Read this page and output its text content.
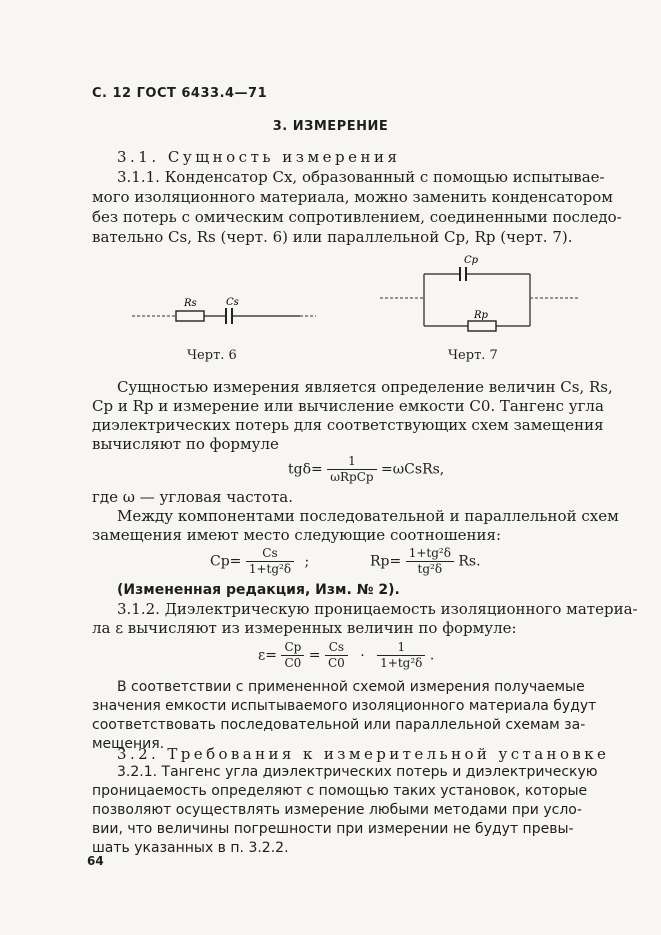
С. 12 ГОСТ 6433.4—71
3. ИЗМЕРЕНИЕ
3.1. Сущность измерения
3.1.1. Конденсатор Cx, образованный с помощью испытывае-
мого изоляционного материала, можно заменить конденсатором
без потерь с омическим сопротивлением, соединенными последо-
вательно Cs, Rs (черт. 6) или параллельной Cp, Rp (черт. 7).
Rs	Cs
Черт. 6
Cp
Rp
Черт. 7
Сущностью измерения является определение величин Cs, Rs,
Cp и Rp и измерение или вычисление емкости C0. Тангенс угла
диэлектрических потерь для соответствующих схем замещения
вычисляют по формуле
$tg\delta= \frac{1}{\text{ωRpCp}}$ =ωCsRs,
где ω — угловая частота.
Между компонентами последовательной и параллельной схем
замещения имеют место следующие соотношения:
$Cp= \frac{Cs}{\text{1+tg²δ}}$ ;	$Rp= \frac{\text{1+tg²δ}}{\text{tg²δ}} Rs$.
(Измененная редакция, Изм. № 2).
3.1.2. Диэлектрическую проницаемость изоляционного материа-
ла ε вычисляют из измеренных величин по формуле:
$\varepsilon= \frac{Cp}{C0} = \frac{Cs}{C0} \cdot \frac{1}{\text{1+tg²δ}}$ .
В соответствии с примененной схемой измерения получаемые
значения емкости испытываемого изоляционного материала будут
соответствовать последовательной или параллельной схемам за-
мещения.
3.2. Требования к измерительной установке
3.2.1. Тангенс угла диэлектрических потерь и диэлектрическую
проницаемость определяют с помощью таких установок, которые
позволяют осуществлять измерение любыми методами при усло-
вии, что величины погрешности при измерении не будут превы-
шать указанных в п. 3.2.2.
64
